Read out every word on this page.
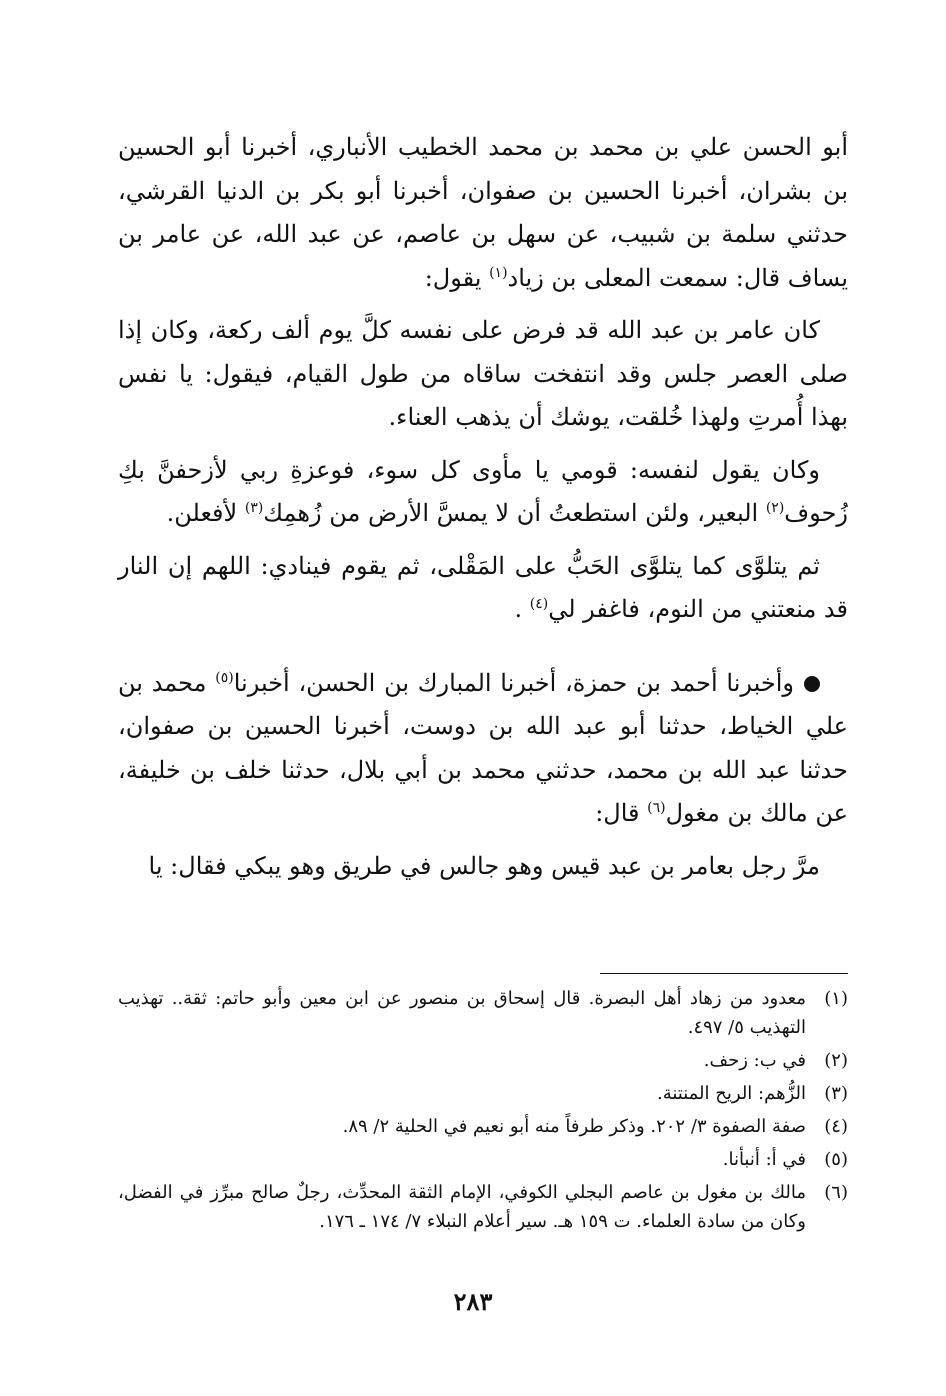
أبو الحسن علي بن محمد بن محمد الخطيب الأنباري، أخبرنا أبو الحسين بن بشران، أخبرنا الحسين بن صفوان، أخبرنا أبو بكر بن الدنيا القرشي، حدثني سلمة بن شبيب، عن سهل بن عاصم، عن عبد الله، عن عامر بن يساف قال: سمعت المعلى بن زياد$^{(١)}$ يقول:

كان عامر بن عبد الله قد فرض على نفسه كلَّ يوم ألف ركعة، وكان إذا صلى العصر جلس وقد انتفخت ساقاه من طول القيام، فيقول: يا نفس بهذا أُمرتِ ولهذا خُلقت، يوشك أن يذهب العناء.

وكان يقول لنفسه: قومي يا مأوى كل سوء، فوعزةِ ربي لأزحفنَّ بكِ زُحوف$^{(٢)}$ البعير، ولئن استطعتُ أن لا يمسَّ الأرض من زُهمِك$^{(٣)}$ لأفعلن.

ثم يتلوَّى كما يتلوَّى الحَبُّ على المَقْلى، ثم يقوم فينادي: اللهم إن النار قد منعتني من النوم، فاغفر لي$^{(٤)}$ .

وأخبرنا أحمد بن حمزة، أخبرنا المبارك بن الحسن، أخبرنا$^{(٥)}$ محمد بن علي الخياط، حدثنا أبو عبد الله بن دوست، أخبرنا الحسين بن صفوان، حدثنا عبد الله بن محمد، حدثني محمد بن أبي بلال، حدثنا خلف بن خليفة، عن مالك بن مغول$^{(٦)}$ قال:

مرَّ رجل بعامر بن عبد قيس وهو جالس في طريق وهو يبكي فقال: يا

(١)معدود من زهاد أهل البصرة. قال إسحاق بن منصور عن ابن معين وأبو حاتم: ثقة.. تهذيب التهذيب ٥/ ٤٩٧.

(٢)في ب: زحف.

(٣)الزُّهم: الريح المنتنة.

(٤)صفة الصفوة ٣/ ٢٠٢. وذكر طرفاً منه أبو نعيم في الحلية ٢/ ٨٩.

(٥)في أ: أنبأنا.

(٦)مالك بن مغول بن عاصم البجلي الكوفي، الإمام الثقة المحدِّث، رجلٌ صالح مبرِّز في الفضل، وكان من سادة العلماء. ت ١٥٩ هـ. سير أعلام النبلاء ٧/ ١٧٤ ـ ١٧٦.

٢٨٣
